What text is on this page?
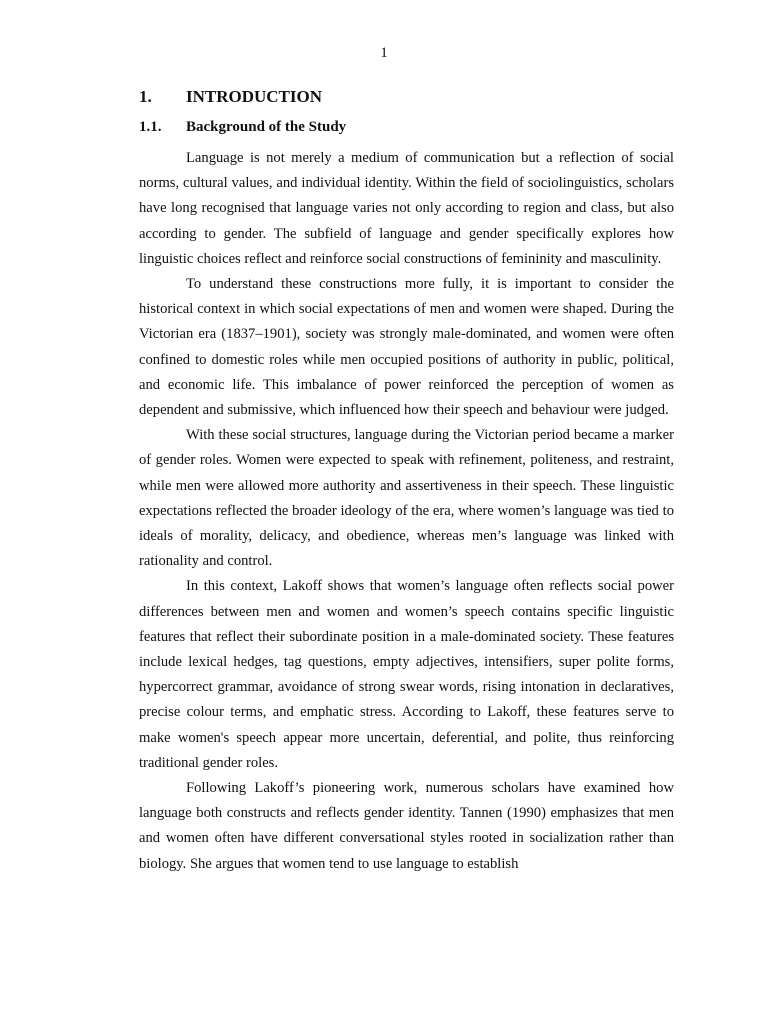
1
1.	INTRODUCTION
1.1.	Background of the Study

Language is not merely a medium of communication but a reflection of social norms, cultural values, and individual identity. Within the field of sociolinguistics, scholars have long recognised that language varies not only according to region and class, but also according to gender. The subfield of language and gender specifically explores how linguistic choices reflect and reinforce social constructions of femininity and masculinity.

To understand these constructions more fully, it is important to consider the historical context in which social expectations of men and women were shaped. During the Victorian era (1837–1901), society was strongly male-dominated, and women were often confined to domestic roles while men occupied positions of authority in public, political, and economic life. This imbalance of power reinforced the perception of women as dependent and submissive, which influenced how their speech and behaviour were judged.

With these social structures, language during the Victorian period became a marker of gender roles. Women were expected to speak with refinement, politeness, and restraint, while men were allowed more authority and assertiveness in their speech. These linguistic expectations reflected the broader ideology of the era, where women’s language was tied to ideals of morality, delicacy, and obedience, whereas men’s language was linked with rationality and control.

In this context, Lakoff shows that women’s language often reflects social power differences between men and women and women’s speech contains specific linguistic features that reflect their subordinate position in a male-dominated society. These features include lexical hedges, tag questions, empty adjectives, intensifiers, super polite forms, hypercorrect grammar, avoidance of strong swear words, rising intonation in declaratives, precise colour terms, and emphatic stress. According to Lakoff, these features serve to make women's speech appear more uncertain, deferential, and polite, thus reinforcing traditional gender roles.

Following Lakoff’s pioneering work, numerous scholars have examined how language both constructs and reflects gender identity. Tannen (1990) emphasizes that men and women often have different conversational styles rooted in socialization rather than biology. She argues that women tend to use language to establish
